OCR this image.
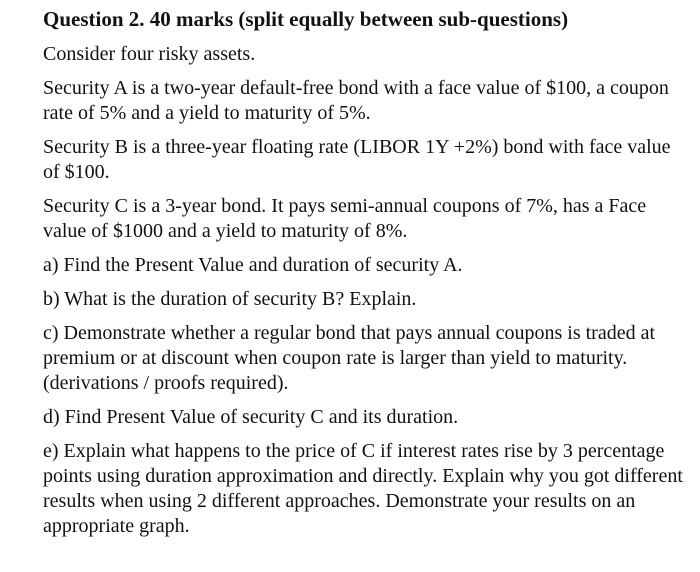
Question 2. 40 marks (split equally between sub-questions)

Consider four risky assets.

Security A is a two-year default-free bond with a face value of $100, a coupon rate of 5% and a yield to maturity of 5%.

Security B is a three-year floating rate (LIBOR 1Y +2%) bond with face value of $100.

Security C is a 3-year bond. It pays semi-annual coupons of 7%, has a Face value of $1000 and a yield to maturity of 8%.

a) Find the Present Value and duration of security A.

b) What is the duration of security B? Explain.

c) Demonstrate whether a regular bond that pays annual coupons is traded at premium or at discount when coupon rate is larger than yield to maturity. (derivations / proofs required).

d) Find Present Value of security C and its duration.

e) Explain what happens to the price of C if interest rates rise by 3 percentage points using duration approximation and directly. Explain why you got different results when using 2 different approaches. Demonstrate your results on an appropriate graph.
